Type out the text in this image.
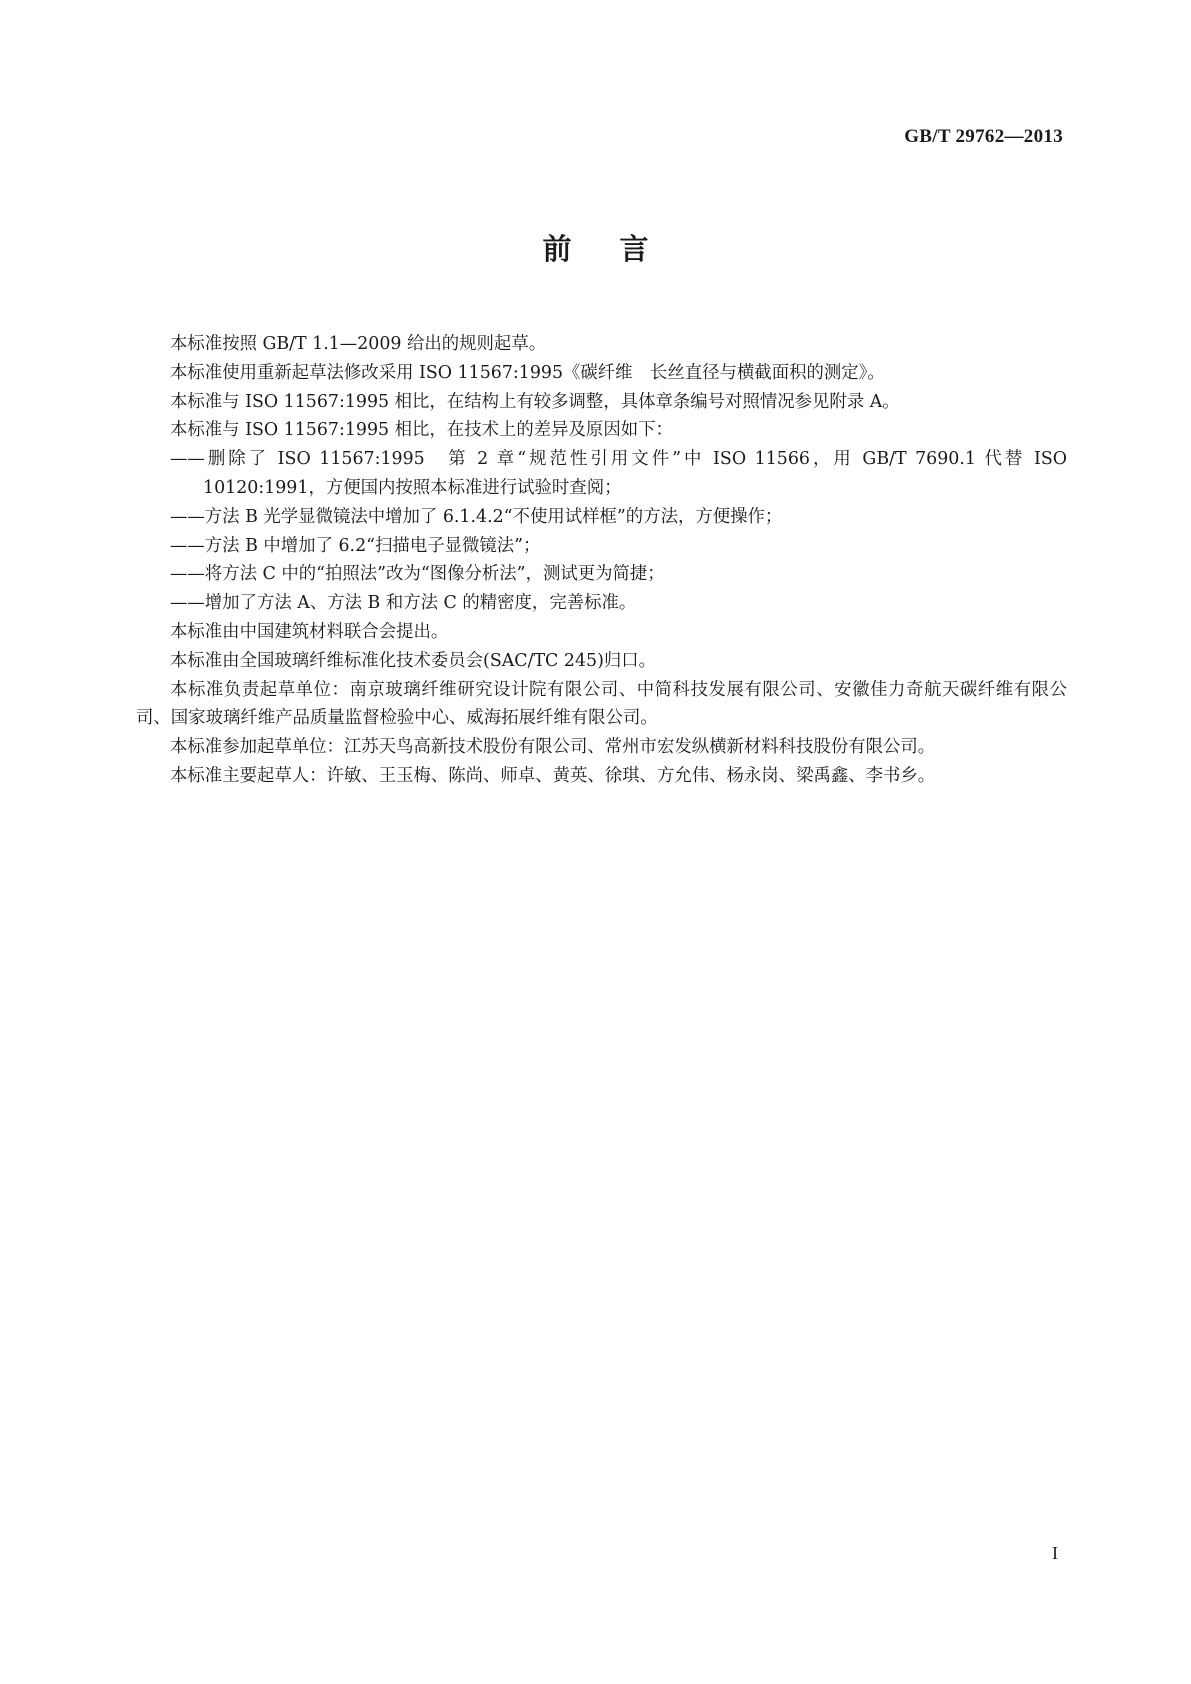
GB/T 29762—2013
前言

本标准按照 GB/T 1.1—2009 给出的规则起草。

本标准使用重新起草法修改采用 ISO 11567:1995《碳纤维　长丝直径与横截面积的测定》。

本标准与 ISO 11567:1995 相比，在结构上有较多调整，具体章条编号对照情况参见附录 A。

本标准与 ISO 11567:1995 相比，在技术上的差异及原因如下：

——删除了 ISO 11567:1995　第 2 章“规范性引用文件”中 ISO 11566，用 GB/T 7690.1 代替 ISO 10120:1991，方便国内按照本标准进行试验时查阅；

——方法 B 光学显微镜法中增加了 6.1.4.2“不使用试样框”的方法，方便操作；

——方法 B 中增加了 6.2“扫描电子显微镜法”；

——将方法 C 中的“拍照法”改为“图像分析法”，测试更为简捷；

——增加了方法 A、方法 B 和方法 C 的精密度，完善标准。

本标准由中国建筑材料联合会提出。

本标准由全国玻璃纤维标准化技术委员会(SAC/TC 245)归口。

本标准负责起草单位：南京玻璃纤维研究设计院有限公司、中简科技发展有限公司、安徽佳力奇航天碳纤维有限公司、国家玻璃纤维产品质量监督检验中心、威海拓展纤维有限公司。

本标准参加起草单位：江苏天鸟高新技术股份有限公司、常州市宏发纵横新材料科技股份有限公司。

本标准主要起草人：许敏、王玉梅、陈尚、师卓、黄英、徐琪、方允伟、杨永岗、梁禹鑫、李书乡。

I
